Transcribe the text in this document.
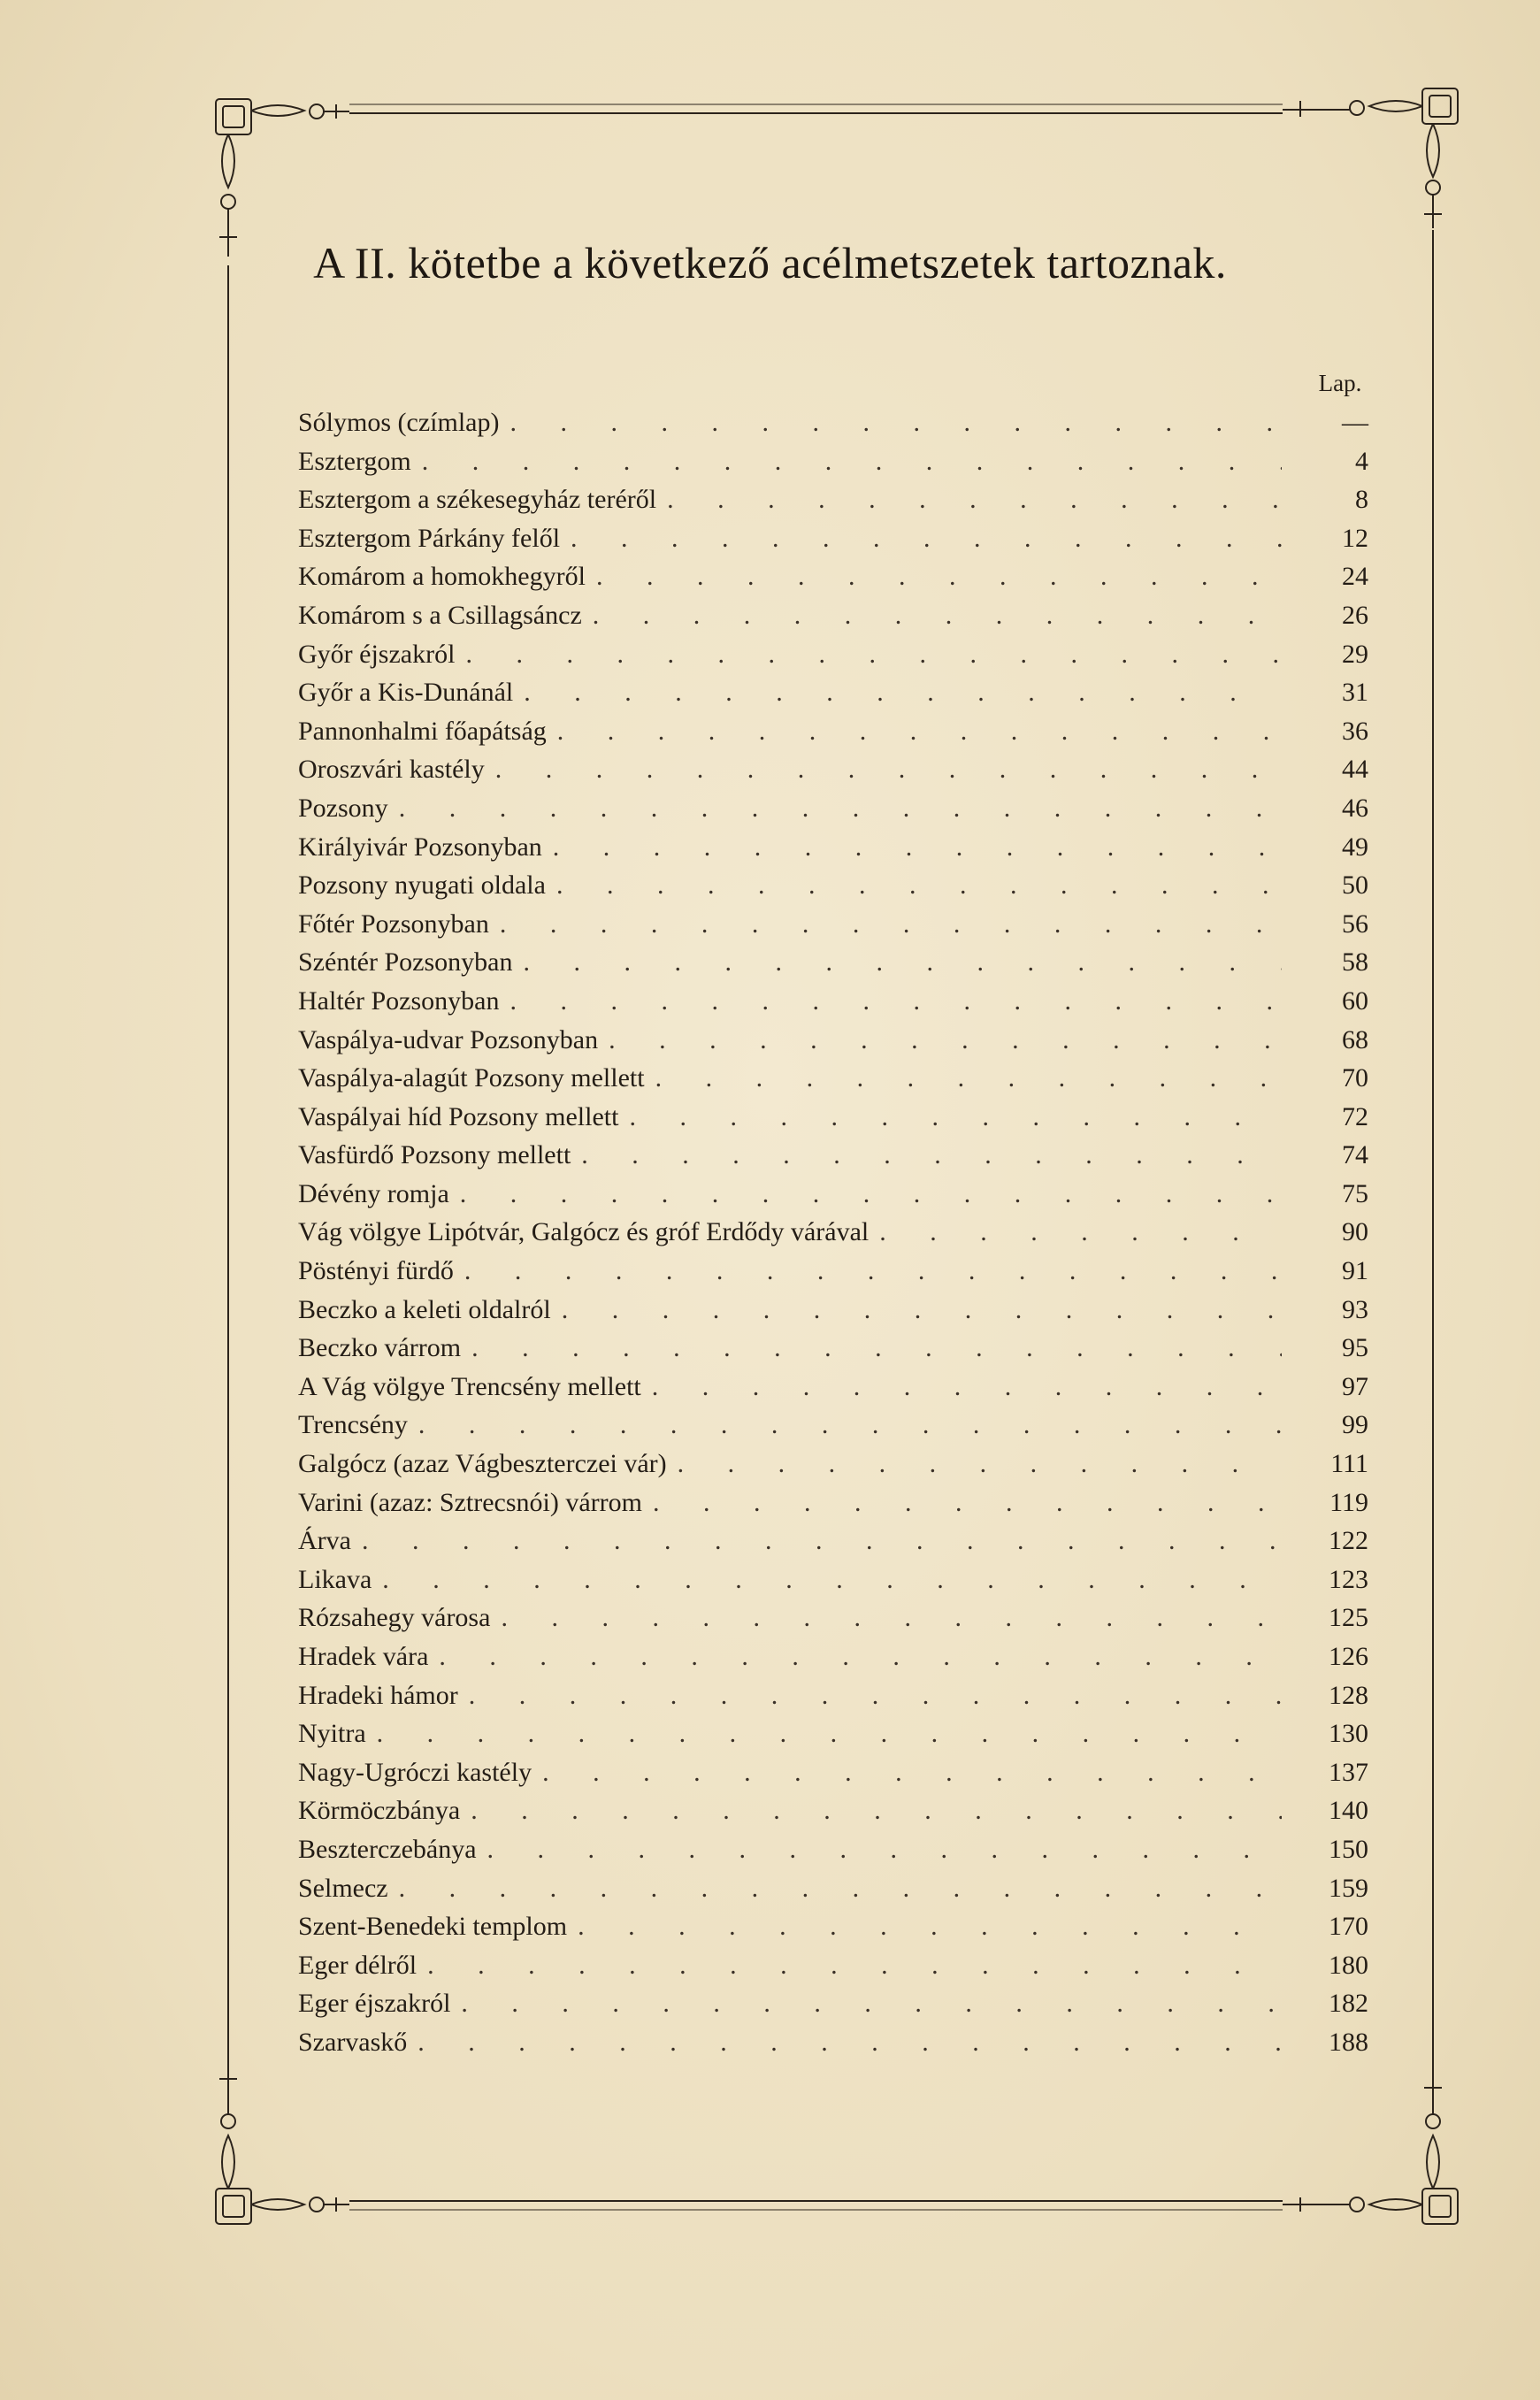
A II. kötetbe a következő acélmetszetek tartoznak.
Lap.
Sólymos (czímlap) . . .	—
Esztergom . . .	4
Esztergom a székesegyház teréről . . .	8
Esztergom Párkány felől . . .	12
Komárom a homokhegyről . . .	24
Komárom s a Csillagsáncz . . .	26
Győr éjszakról . . .	29
Győr a Kis-Dunánál . . .	31
Pannonhalmi főapátság . . .	36
Oroszvári kastély . . .	44
Pozsony . . .	46
Királyivár Pozsonyban . . .	49
Pozsony nyugati oldala . . .	50
Főtér Pozsonyban . . .	56
Széntér Pozsonyban . . .	58
Haltér Pozsonyban . . .	60
Vaspálya-udvar Pozsonyban . . .	68
Vaspálya-alagút Pozsony mellett . . .	70
Vaspályai híd Pozsony mellett . . .	72
Vasfürdő Pozsony mellett . . .	74
Dévény romja . . .	75
Vág völgye Lipótvár, Galgócz és gróf Erdődy várával . . .	90
Pöstényi fürdő . . .	91
Beczko a keleti oldalról . . .	93
Beczko várrom . . .	95
A Vág völgye Trencsény mellett . . .	97
Trencsény . . .	99
Galgócz (azaz Vágbeszterczei vár) . . .	111
Varini (azaz: Sztrecsnói) várrom . . .	119
Árva . . .	122
Likava . . .	123
Rózsahegy városa . . .	125
Hradek vára . . .	126
Hradeki hámor . . .	128
Nyitra . . .	130
Nagy-Ugróczi kastély . . .	137
Körmöczbánya . . .	140
Beszterczebánya . . .	150
Selmecz . . .	159
Szent-Benedeki templom . . .	170
Eger délről . . .	180
Eger éjszakról . . .	182
Szarvaskő . . .	188
